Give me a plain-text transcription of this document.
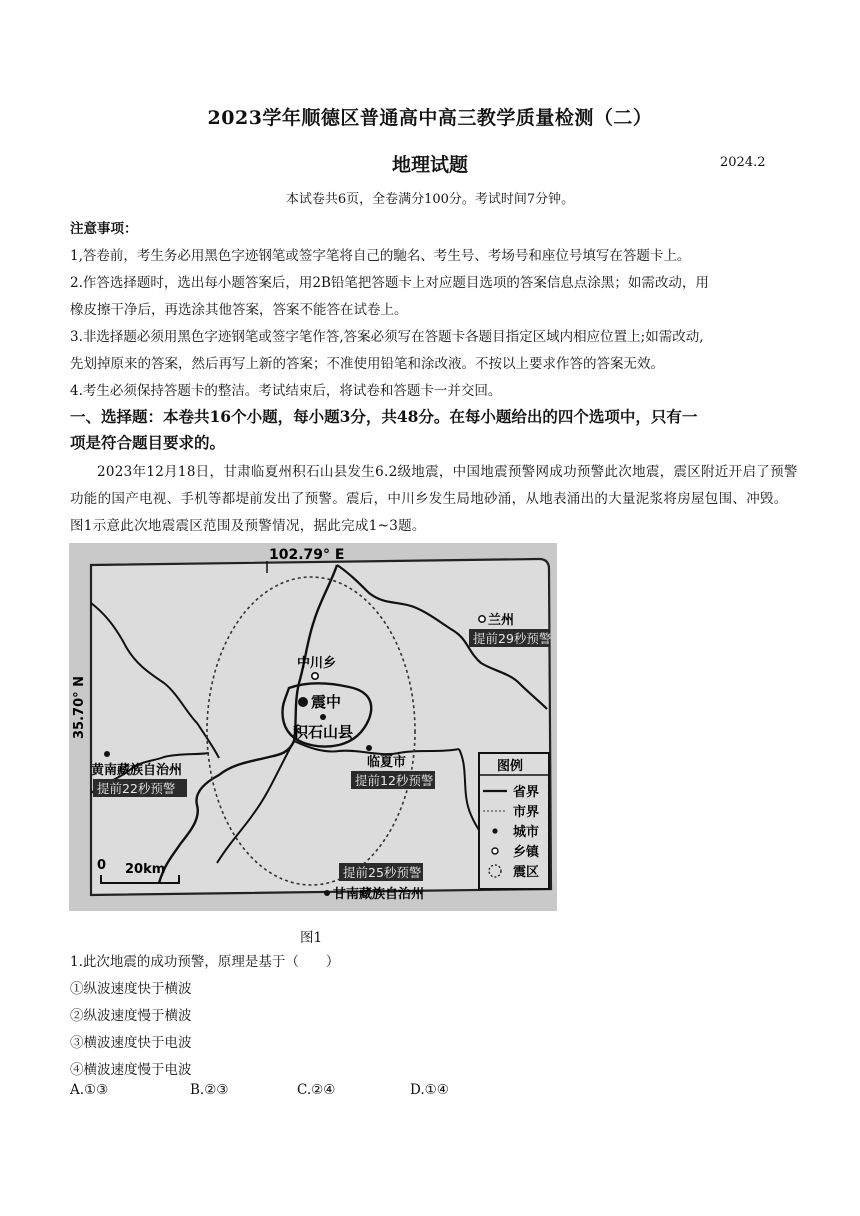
2023学年顺德区普通高中高三教学质量检测（二）
地理试题	2024.2
本试卷共6页，全卷满分100分。考试时间7分钟。
注意事项：
1,答卷前，考生务必用黑色字迹钢笔或签字笔将自己的馳名、考生号、考场号和座位号填写在答题卡上。
2.作答选择题时，选出每小题答案后，用2B铅笔把答题卡上对应题目选项的答案信息点涂黑；如需改动，用
橡皮擦干净后，再选涂其他答案，答案不能答在试卷上。
3.非选择题必须用黑色字迹钢笔或签字笔作答,答案必须写在答题卡各题目指定区域内相应位置上;如需改动,
先划掉原来的答案，然后再写上新的答案；不准使用铅笔和涂改液。不按以上要求作答的答案无效。
4.考生必须保持答题卡的整洁。考试结束后，将试卷和答题卡一并交回。
一、选择题：本卷共16个小题，每小题3分，共48分。在每小题给出的四个选项中，只有一
项是符合题目要求的。
2023年12月18日，甘肃临夏州积石山县发生6.2级地震，中国地震预警网成功预警此次地震，震区附近开启了预警功能的国产电视、手机等都堤前发出了预警。震后，中川乡发生局地砂涌，从地表涌出的大量泥浆将房屋包围、冲毁。图1示意此次地震震区范围及预警情况，据此完成1~3题。
102.79° E
35.70° N
兰州
提前29秒预警
中川乡
震中
积石山县
临夏市
提前12秒预警
黄南藏族自治州
提前22秒预警
提前25秒预警
甘南藏族自治州
0 20km
图例
省界
市界
城市
乡镇
震区
图1
1.此次地震的成功预警，原理是基于（　　）
①纵波速度快于横波
②纵波速度慢于横波
③横波速度快于电波
④横波速度慢于电波
A.①③	B.②③	C.②④	D.①④
